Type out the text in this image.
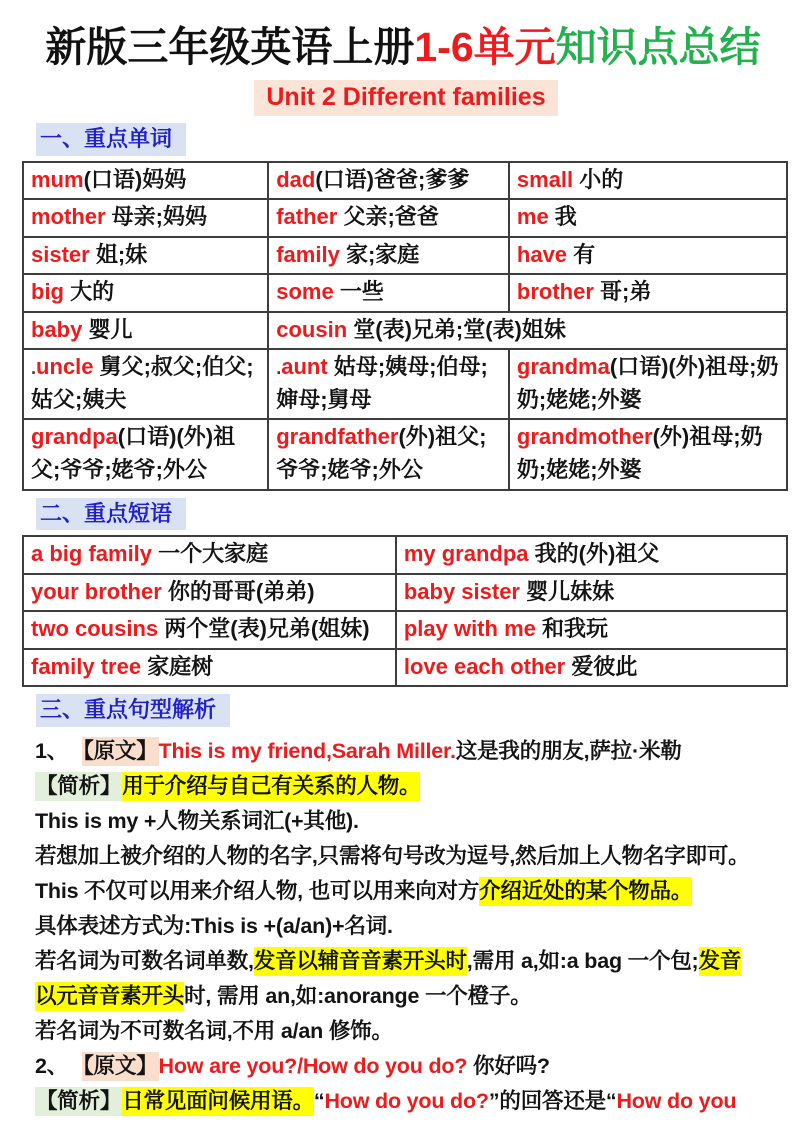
新版三年级英语上册1-6单元知识点总结
Unit 2 Different families
一、重点单词
mum(口语)妈妈	dad(口语)爸爸;爹爹	small 小的
mother 母亲;妈妈	father 父亲;爸爸	me 我
sister 姐;妹	family 家;家庭	have 有
big 大的	some 一些	brother 哥;弟
baby 婴儿	cousin 堂(表)兄弟;堂(表)姐妹	
.uncle 舅父;叔父;伯父;姑父;姨夫	.aunt 姑母;姨母;伯母;婶母;舅母	grandma(口语)(外)祖母;奶奶;姥姥;外婆
grandpa(口语)(外)祖父;爷爷;姥爷;外公	grandfather(外)祖父;爷爷;姥爷;外公	grandmother(外)祖母;奶奶;姥姥;外婆
二、重点短语
a big family 一个大家庭	my grandpa 我的(外)祖父
your brother 你的哥哥(弟弟)	baby sister 婴儿妹妹
two cousins 两个堂(表)兄弟(姐妹)	play with me 和我玩
family tree 家庭树	love each other 爱彼此
三、重点句型解析
1、 【原文】This is my friend,Sarah Miller.这是我的朋友,萨拉·米勒
【简析】用于介绍与自己有关系的人物。
This is my +人物关系词汇(+其他).
若想加上被介绍的人物的名字,只需将句号改为逗号,然后加上人物名字即可。
This 不仅可以用来介绍人物, 也可以用来向对方介绍近处的某个物品。
具体表述方式为:This is +(a/an)+名词.
若名词为可数名词单数,发音以辅音音素开头时,需用 a,如:a bag 一个包;发音
以元音音素开头时, 需用 an,如:anorange 一个橙子。
若名词为不可数名词,不用 a/an 修饰。
2、 【原文】How are you?/How do you do? 你好吗?
【简析】日常见面问候用语。“How do you do?”的回答还是“How do you
